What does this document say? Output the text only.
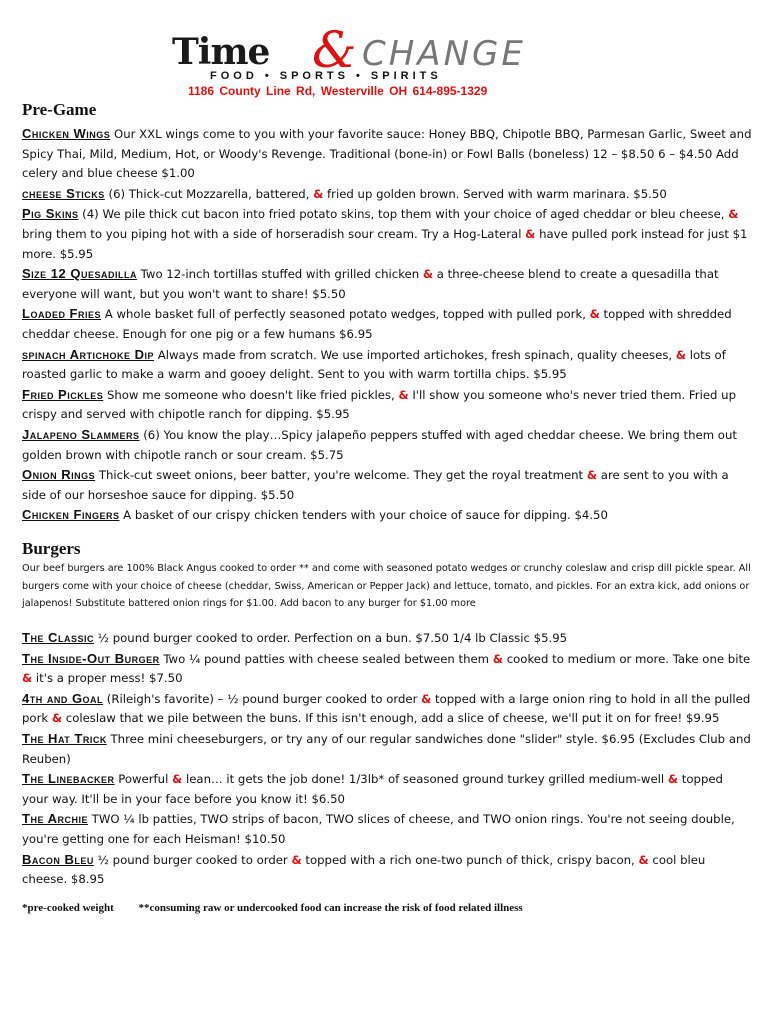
Time & CHANGE
FOOD • SPORTS • SPIRITS
1186 County Line Rd, Westerville OH 614-895-1329
Pre-Game

Chicken Wings Our XXL wings come to you with your favorite sauce: Honey BBQ, Chipotle BBQ, Parmesan Garlic, Sweet and Spicy Thai, Mild, Medium, Hot, or Woody's Revenge. Traditional (bone-in) or Fowl Balls (boneless) 12 – $8.50 6 – $4.50 Add celery and blue cheese $1.00

cheese Sticks (6) Thick-cut Mozzarella, battered, & fried up golden brown. Served with warm marinara. $5.50

Pig Skins (4) We pile thick cut bacon into fried potato skins, top them with your choice of aged cheddar or bleu cheese, & bring them to you piping hot with a side of horseradish sour cream. Try a Hog-Lateral & have pulled pork instead for just $1 more. $5.95

Size 12 Quesadilla Two 12-inch tortillas stuffed with grilled chicken & a three-cheese blend to create a quesadilla that everyone will want, but you won't want to share! $5.50

Loaded Fries A whole basket full of perfectly seasoned potato wedges, topped with pulled pork, & topped with shredded cheddar cheese. Enough for one pig or a few humans $6.95

spinach Artichoke Dip Always made from scratch. We use imported artichokes, fresh spinach, quality cheeses, & lots of roasted garlic to make a warm and gooey delight. Sent to you with warm tortilla chips. $5.95

Fried Pickles Show me someone who doesn't like fried pickles, & I'll show you someone who's never tried them. Fried up crispy and served with chipotle ranch for dipping. $5.95

Jalapeno Slammers (6) You know the play…Spicy jalapeño peppers stuffed with aged cheddar cheese. We bring them out golden brown with chipotle ranch or sour cream. $5.75

Onion Rings Thick-cut sweet onions, beer batter, you're welcome. They get the royal treatment & are sent to you with a side of our horseshoe sauce for dipping. $5.50

Chicken Fingers A basket of our crispy chicken tenders with your choice of sauce for dipping. $4.50

Burgers
Our beef burgers are 100% Black Angus cooked to order ** and come with seasoned potato wedges or crunchy coleslaw and crisp dill pickle spear. All burgers come with your choice of cheese (cheddar, Swiss, American or Pepper Jack) and lettuce, tomato, and pickles. For an extra kick, add onions or jalapenos! Substitute battered onion rings for $1.00. Add bacon to any burger for $1.00 more

The Classic ½ pound burger cooked to order. Perfection on a bun. $7.50 1/4 lb Classic $5.95

The Inside-Out Burger Two ¼ pound patties with cheese sealed between them & cooked to medium or more. Take one bite & it's a proper mess! $7.50

4th and Goal (Rileigh's favorite) – ½ pound burger cooked to order & topped with a large onion ring to hold in all the pulled pork & coleslaw that we pile between the buns. If this isn't enough, add a slice of cheese, we'll put it on for free! $9.95

The Hat Trick Three mini cheeseburgers, or try any of our regular sandwiches done "slider" style. $6.95 (Excludes Club and Reuben)

The Linebacker Powerful & lean… it gets the job done! 1/3lb* of seasoned ground turkey grilled medium-well & topped your way. It'll be in your face before you know it! $6.50

The Archie TWO ¼ lb patties, TWO strips of bacon, TWO slices of cheese, and TWO onion rings. You're not seeing double, you're getting one for each Heisman! $10.50

Bacon Bleu ½ pound burger cooked to order & topped with a rich one-two punch of thick, crispy bacon, & cool bleu cheese. $8.95

*pre-cooked weight **consuming raw or undercooked food can increase the risk of food related illness
